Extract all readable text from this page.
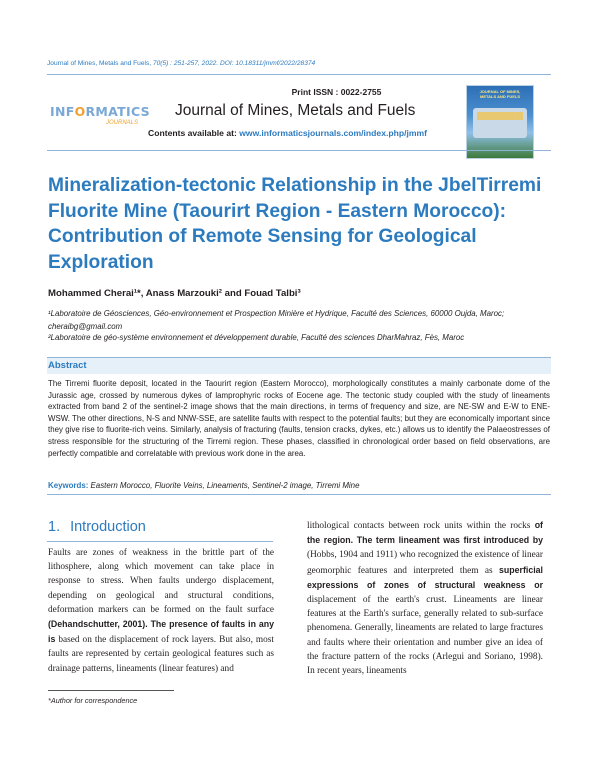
Journal of Mines, Metals and Fuels, 70(5) : 251-257, 2022. DOI: 10.18311/jmmf/2022/28374
INFORMATICS
JOURNALS
Print ISSN : 0022-2755
Journal of Mines, Metals and Fuels
Contents available at: www.informaticsjournals.com/index.php/jmmf
JOURNAL OF MINES, METALS AND FUELS
Mineralization-tectonic Relationship in the JbelTirremi Fluorite Mine (Taourirt Region - Eastern Morocco): Contribution of Remote Sensing for Geological Exploration
Mohammed Cherai¹*, Anass Marzouki² and Fouad Talbi³
¹Laboratoire de Géosciences, Géo-environnement et Prospection Minière et Hydrique, Faculté des Sciences, 60000 Oujda, Maroc; cheraibg@gmail.com
²Laboratoire de géo-système environnement et développement durable, Faculté des sciences DharMahraz, Fès, Maroc
Abstract
The Tirremi fluorite deposit, located in the Taourirt region (Eastern Morocco), morphologically constitutes a mainly carbonate dome of the Jurassic age, crossed by numerous dykes of lamprophyric rocks of Eocene age. The tectonic study coupled with the study of lineaments extracted from band 2 of the sentinel-2 image shows that the main directions, in terms of frequency and size, are NE-SW and E-W to ENE-WSW. The other directions, N-S and NNW-SSE, are satellite faults with respect to the potential faults; but they are economically important since they give rise to fluorite-rich veins. Similarly, analysis of fracturing (faults, tension cracks, dykes, etc.) allows us to identify the Palaeostresses of stress responsible for the structuring of the Tirremi region. These phases, classified in chronological order based on field observations, are perfectly compatible and correlatable with previous work done in the area.
Keywords: Eastern Morocco, Fluorite Veins, Lineaments, Sentinel-2 image, Tirremi Mine
1. Introduction
Faults are zones of weakness in the brittle part of the lithosphere, along which movement can take place in response to stress. When faults undergo displacement, depending on geological and structural conditions, deformation markers can be formed on the fault surface (Dehandschutter, 2001). The presence of faults in any is based on the displacement of rock layers. But also, most faults are represented by certain geological features such as drainage patterns, lineaments (linear features) and
lithological contacts between rock units within the rocks of the region. The term lineament was first introduced by (Hobbs, 1904 and 1911) who recognized the existence of linear geomorphic features and interpreted them as superficial expressions of zones of structural weakness or displacement of the earth's crust. Lineaments are linear features at the Earth's surface, generally related to sub-surface phenomena. Generally, lineaments are related to large fractures and faults where their orientation and number give an idea of the fracture pattern of the rocks (Arlegui and Soriano, 1998). In recent years, lineaments
*Author for correspondence
